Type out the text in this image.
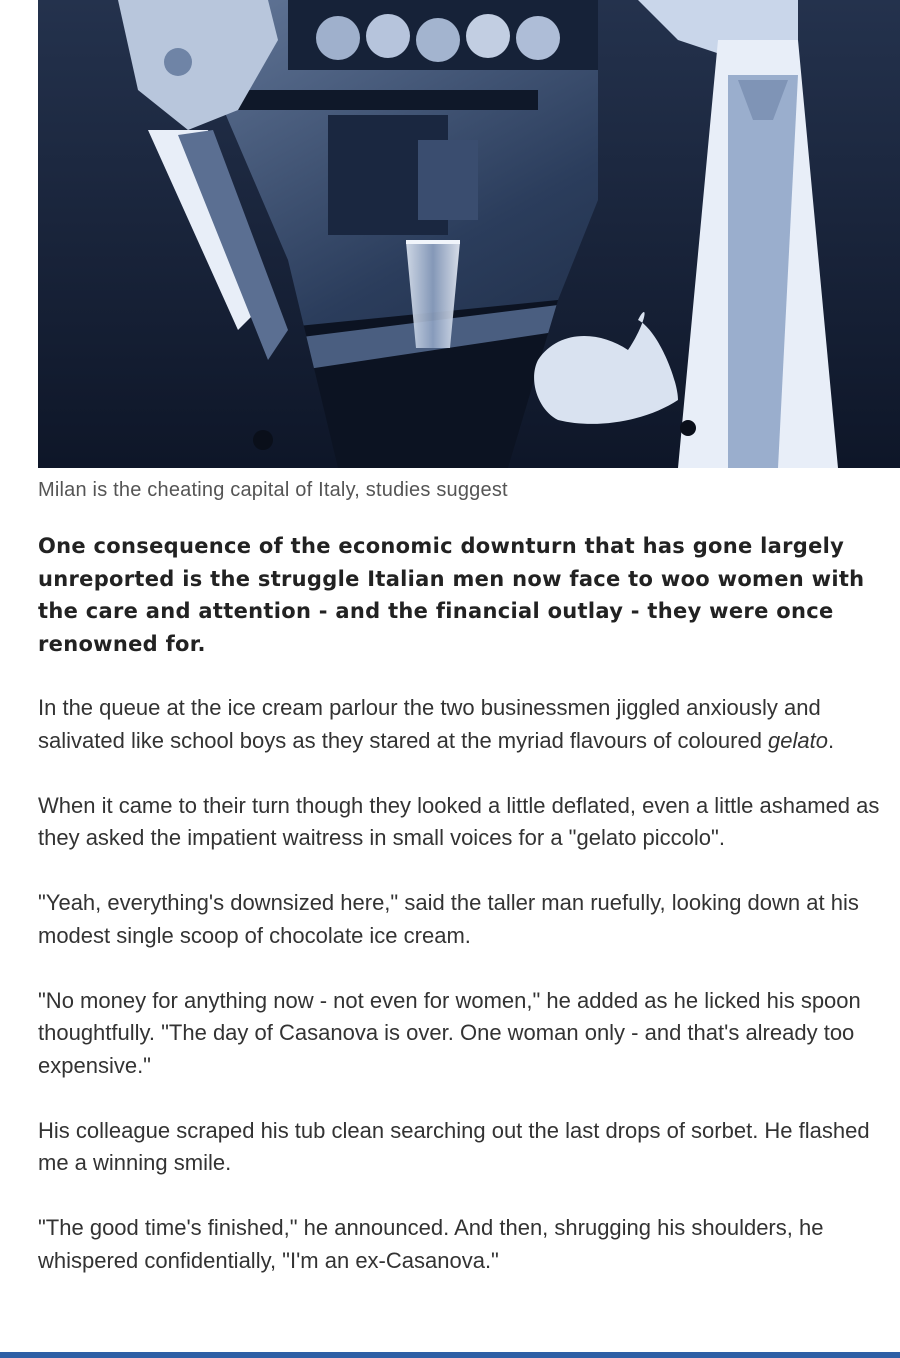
Milan is the cheating capital of Italy, studies suggest

One consequence of the economic downturn that has gone largely unreported is the struggle Italian men now face to woo women with the care and attention - and the financial outlay - they were once renowned for.

In the queue at the ice cream parlour the two businessmen jiggled anxiously and salivated like school boys as they stared at the myriad flavours of coloured gelato.

When it came to their turn though they looked a little deflated, even a little ashamed as they asked the impatient waitress in small voices for a "gelato piccolo".

"Yeah, everything's downsized here," said the taller man ruefully, looking down at his modest single scoop of chocolate ice cream.

"No money for anything now - not even for women," he added as he licked his spoon thoughtfully. "The day of Casanova is over. One woman only - and that's already too expensive."

His colleague scraped his tub clean searching out the last drops of sorbet. He flashed me a winning smile.

"The good time's finished," he announced. And then, shrugging his shoulders, he whispered confidentially, "I'm an ex-Casanova."
